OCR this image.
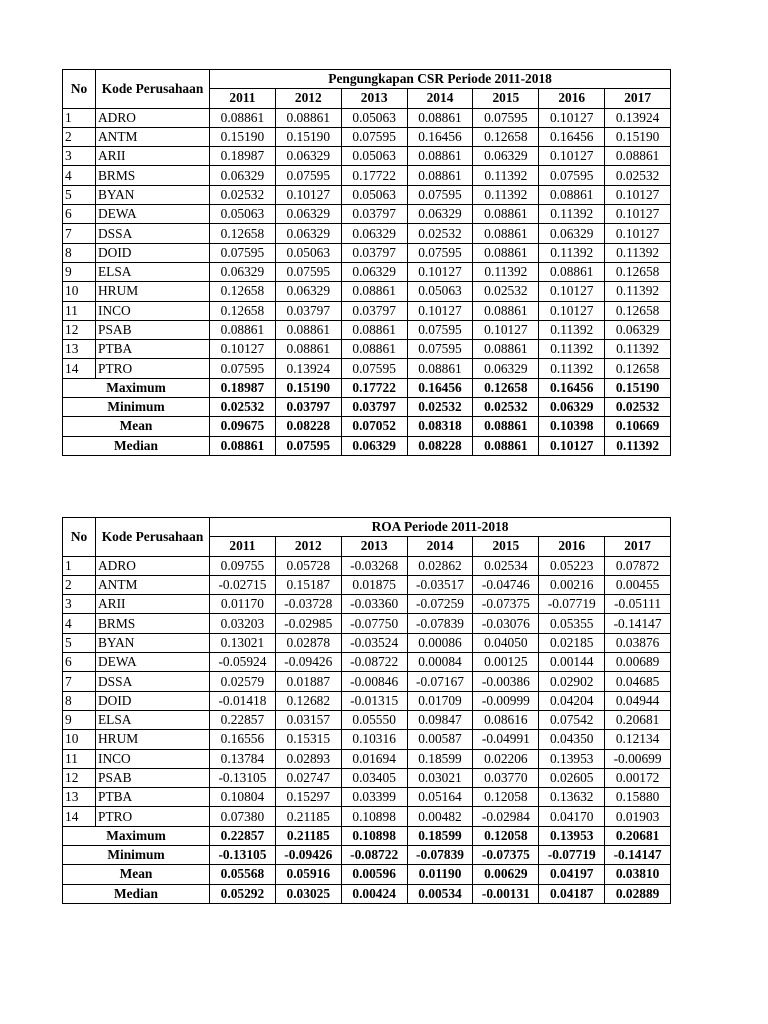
No	Kode Perusahaan	Pengungkapan CSR Periode 2011-2018						
		2011	2012	2013	2014	2015	2016	2017
1	ADRO	0.08861	0.08861	0.05063	0.08861	0.07595	0.10127	0.13924
2	ANTM	0.15190	0.15190	0.07595	0.16456	0.12658	0.16456	0.15190
3	ARII	0.18987	0.06329	0.05063	0.08861	0.06329	0.10127	0.08861
4	BRMS	0.06329	0.07595	0.17722	0.08861	0.11392	0.07595	0.02532
5	BYAN	0.02532	0.10127	0.05063	0.07595	0.11392	0.08861	0.10127
6	DEWA	0.05063	0.06329	0.03797	0.06329	0.08861	0.11392	0.10127
7	DSSA	0.12658	0.06329	0.06329	0.02532	0.08861	0.06329	0.10127
8	DOID	0.07595	0.05063	0.03797	0.07595	0.08861	0.11392	0.11392
9	ELSA	0.06329	0.07595	0.06329	0.10127	0.11392	0.08861	0.12658
10	HRUM	0.12658	0.06329	0.08861	0.05063	0.02532	0.10127	0.11392
11	INCO	0.12658	0.03797	0.03797	0.10127	0.08861	0.10127	0.12658
12	PSAB	0.08861	0.08861	0.08861	0.07595	0.10127	0.11392	0.06329
13	PTBA	0.10127	0.08861	0.08861	0.07595	0.08861	0.11392	0.11392
14	PTRO	0.07595	0.13924	0.07595	0.08861	0.06329	0.11392	0.12658
Maximum		0.18987	0.15190	0.17722	0.16456	0.12658	0.16456	0.15190
Minimum		0.02532	0.03797	0.03797	0.02532	0.02532	0.06329	0.02532
Mean		0.09675	0.08228	0.07052	0.08318	0.08861	0.10398	0.10669
Median		0.08861	0.07595	0.06329	0.08228	0.08861	0.10127	0.11392
No	Kode Perusahaan	ROA Periode 2011-2018						
		2011	2012	2013	2014	2015	2016	2017
1	ADRO	0.09755	0.05728	-0.03268	0.02862	0.02534	0.05223	0.07872
2	ANTM	-0.02715	0.15187	0.01875	-0.03517	-0.04746	0.00216	0.00455
3	ARII	0.01170	-0.03728	-0.03360	-0.07259	-0.07375	-0.07719	-0.05111
4	BRMS	0.03203	-0.02985	-0.07750	-0.07839	-0.03076	0.05355	-0.14147
5	BYAN	0.13021	0.02878	-0.03524	0.00086	0.04050	0.02185	0.03876
6	DEWA	-0.05924	-0.09426	-0.08722	0.00084	0.00125	0.00144	0.00689
7	DSSA	0.02579	0.01887	-0.00846	-0.07167	-0.00386	0.02902	0.04685
8	DOID	-0.01418	0.12682	-0.01315	0.01709	-0.00999	0.04204	0.04944
9	ELSA	0.22857	0.03157	0.05550	0.09847	0.08616	0.07542	0.20681
10	HRUM	0.16556	0.15315	0.10316	0.00587	-0.04991	0.04350	0.12134
11	INCO	0.13784	0.02893	0.01694	0.18599	0.02206	0.13953	-0.00699
12	PSAB	-0.13105	0.02747	0.03405	0.03021	0.03770	0.02605	0.00172
13	PTBA	0.10804	0.15297	0.03399	0.05164	0.12058	0.13632	0.15880
14	PTRO	0.07380	0.21185	0.10898	0.00482	-0.02984	0.04170	0.01903
Maximum		0.22857	0.21185	0.10898	0.18599	0.12058	0.13953	0.20681
Minimum		-0.13105	-0.09426	-0.08722	-0.07839	-0.07375	-0.07719	-0.14147
Mean		0.05568	0.05916	0.00596	0.01190	0.00629	0.04197	0.03810
Median		0.05292	0.03025	0.00424	0.00534	-0.00131	0.04187	0.02889
